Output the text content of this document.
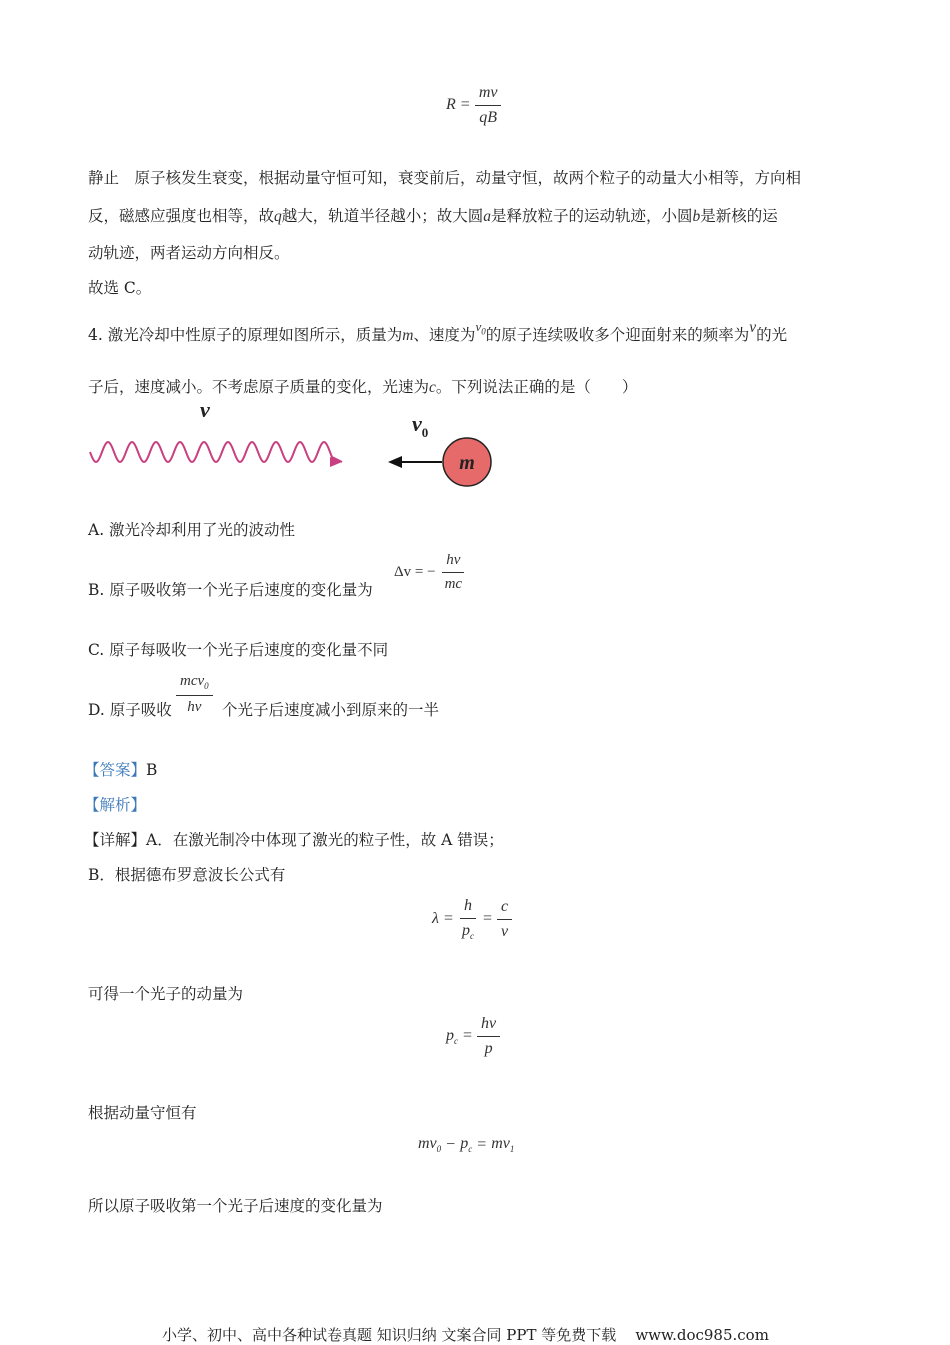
$R = \frac{mv}{qB}$
静止　原子核发生衰变，根据动量守恒可知，衰变前后，动量守恒，故两个粒子的动量大小相等，方向相
反，磁感应强度也相等，故q越大，轨道半径越小；故大圆a是释放粒子的运动轨迹，小圆b是新核的运
动轨迹，两者运动方向相反。
故选 C。
4. 激光冷却中性原子的原理如图所示，质量为m、速度为$^{v_0}$的原子连续吸收多个迎面射来的频率为ν的光
子后，速度减小。不考虑原子质量的变化，光速为c。下列说法正确的是（　　）
ν
$v_0$
m
A. 激光冷却利用了光的波动性
B. 原子吸收第一个光子后速度的变化量为
Δv = − $\frac{h\nu}{mc}$
C. 原子每吸收一个光子后速度的变化量不同
D. 原子吸收 $\frac{mcv_0}{h\nu}$ 个光子后速度减小到原来的一半
【答案】B
【解析】
【详解】A．在激光制冷中体现了激光的粒子性，故 A 错误；
B．根据德布罗意波长公式有
$\lambda = \frac{h}{p_c} = \frac{c}{\nu}$
可得一个光子的动量为
$p_c = \frac{h\nu}{p}$
根据动量守恒有
$mv_0 - p_c = mv_1$
所以原子吸收第一个光子后速度的变化量为
小学、初中、高中各种试卷真题 知识归纳 文案合同 PPT 等免费下载 www.doc985.com
